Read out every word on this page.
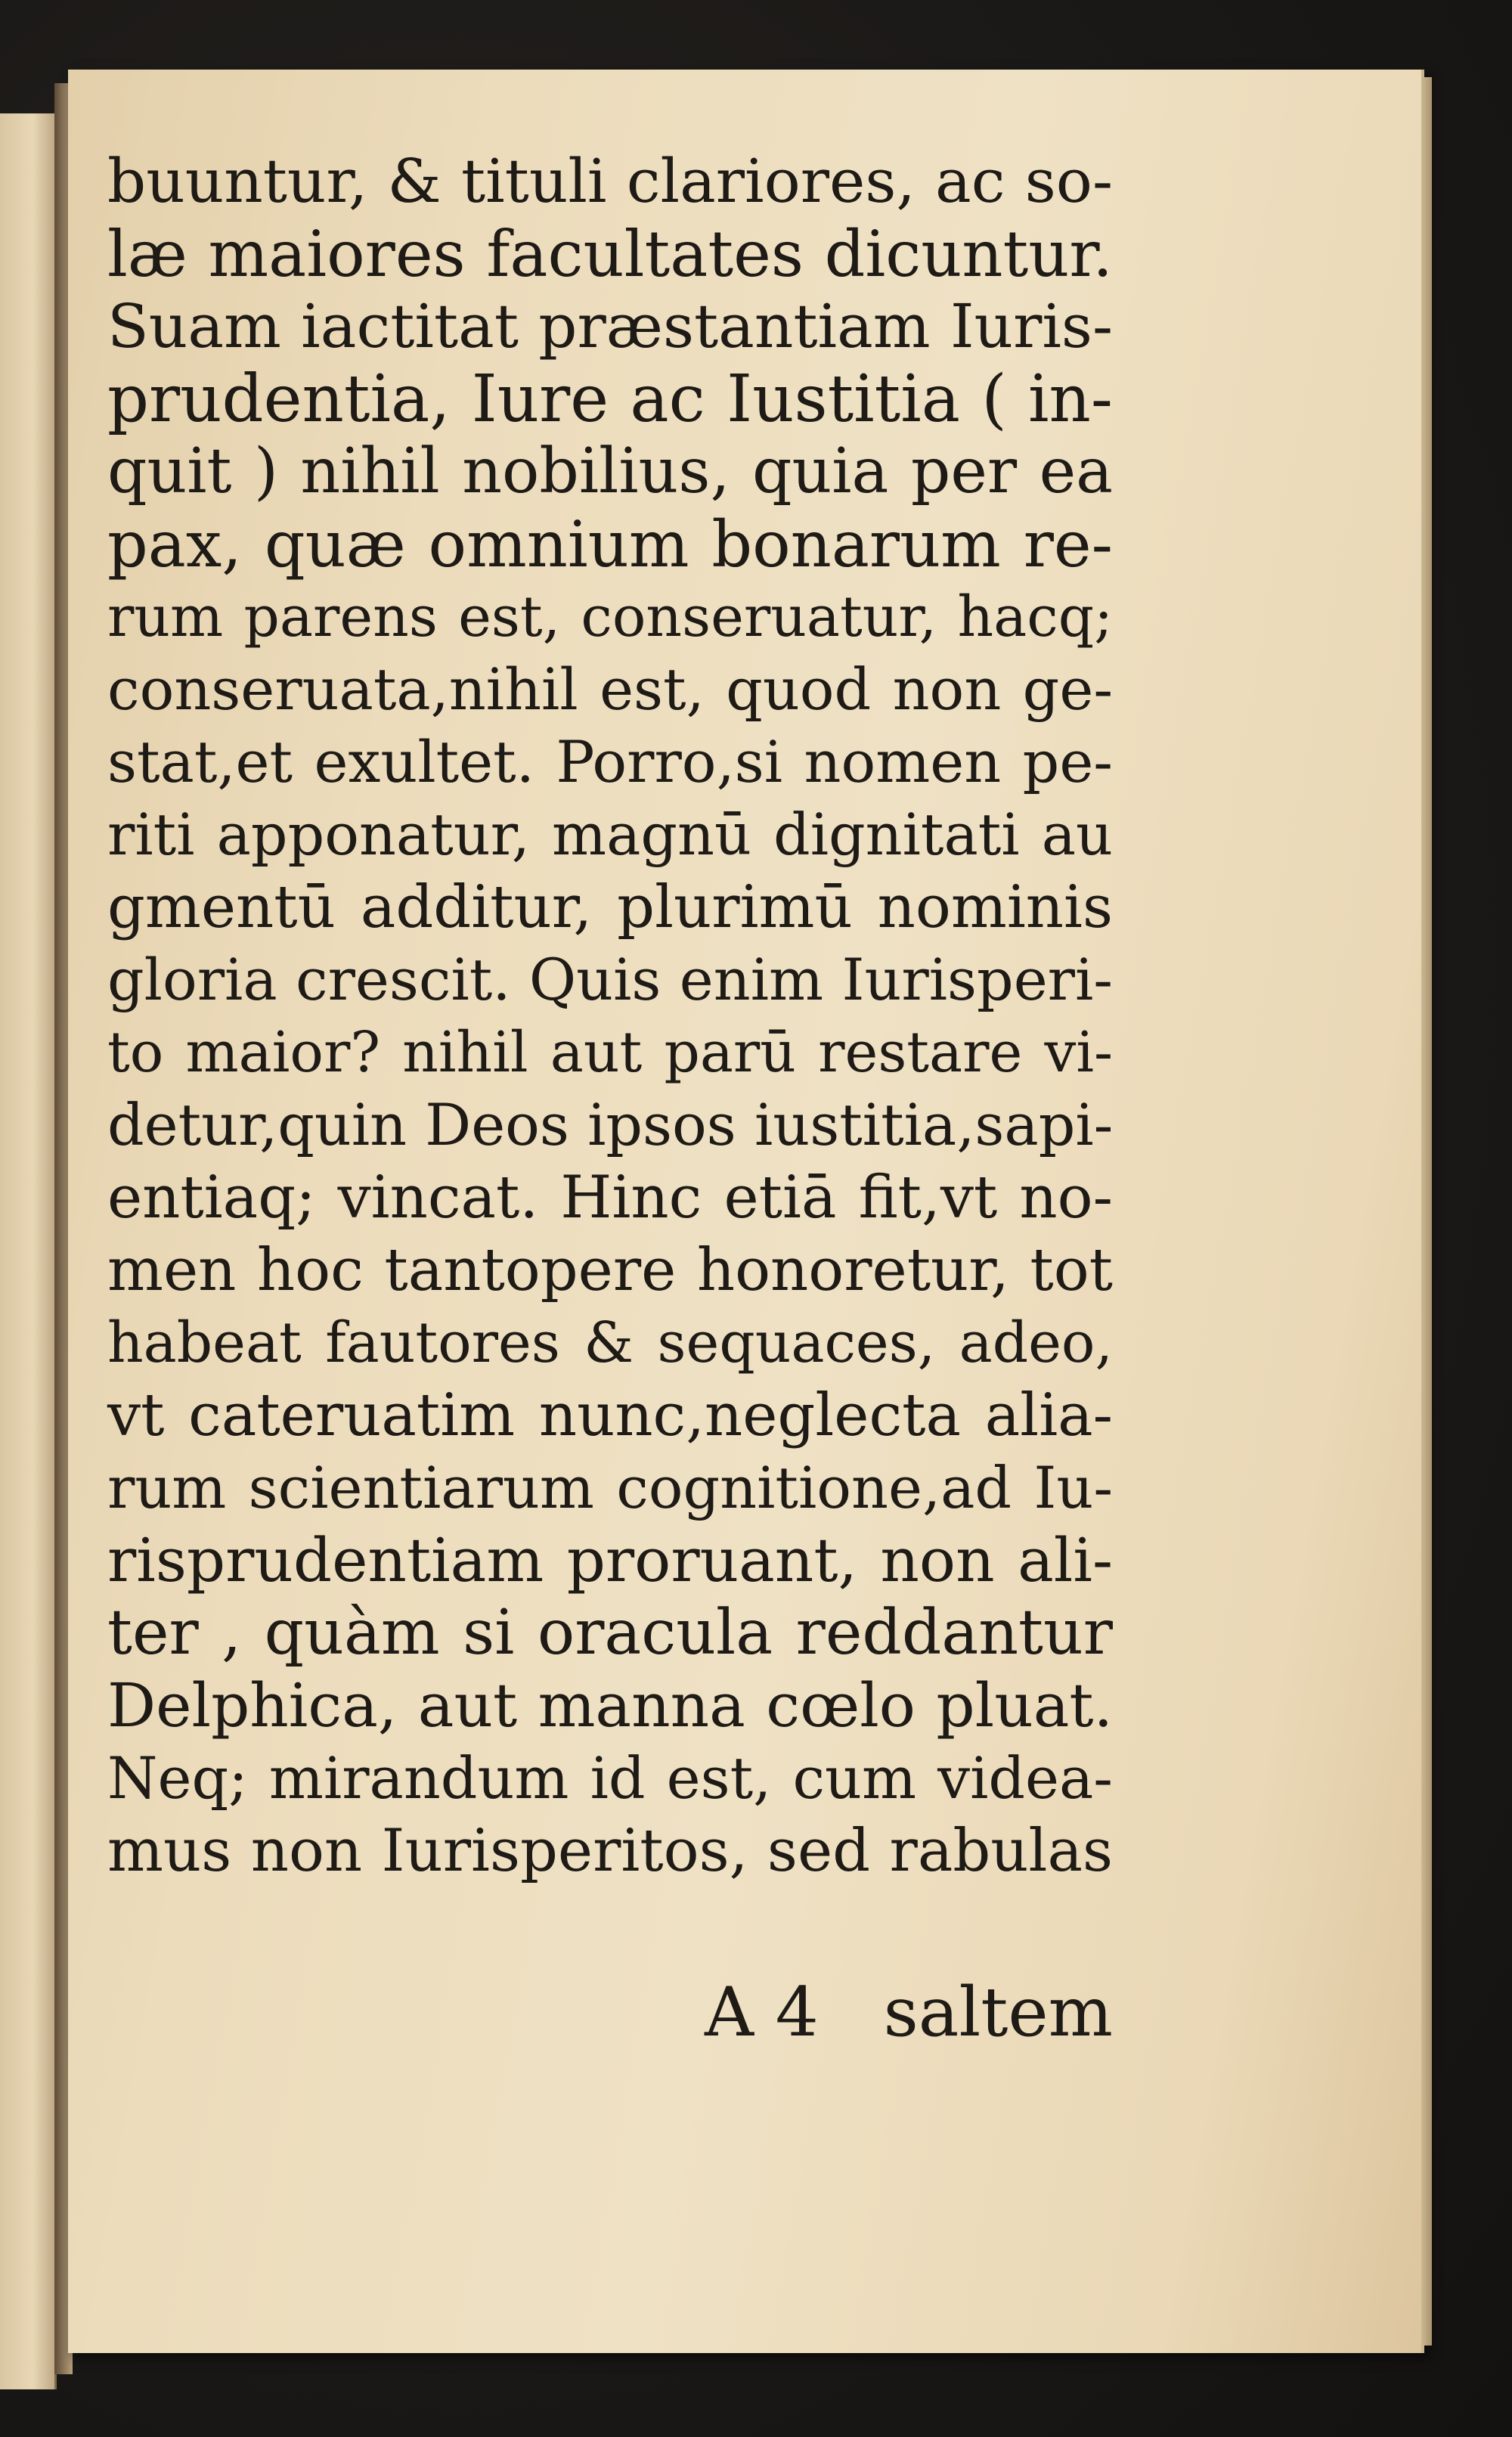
buuntur, & tituli clariores, ac so-
læ maiores facultates dicuntur.
Suam iactitat præstantiam Iuris-
prudentia, Iure ac Iustitia ( in-
quit ) nihil nobilius, quia per ea
pax, quæ omnium bonarum re-
rum parens est, conseruatur, hacq;
conseruata,nihil est, quod non ge-
stat,et exultet. Porro,si nomen pe-
riti apponatur, magnū dignitati au
gmentū additur, plurimū nominis
gloria crescit. Quis enim Iurisperi-
to maior? nihil aut parū restare vi-
detur,quin Deos ipsos iustitia,sapi-
entiaq; vincat. Hinc etiā fit,vt no-
men hoc tantopere honoretur, tot
habeat fautores & sequaces, adeo,
vt cateruatim nunc,neglecta alia-
rum scientiarum cognitione,ad Iu-
risprudentiam proruant, non ali-
ter , quàm si oracula reddantur
Delphica, aut manna cœlo pluat.
Neq; mirandum id est, cum videa-
mus non Iurisperitos, sed rabulas
A 4 saltem
